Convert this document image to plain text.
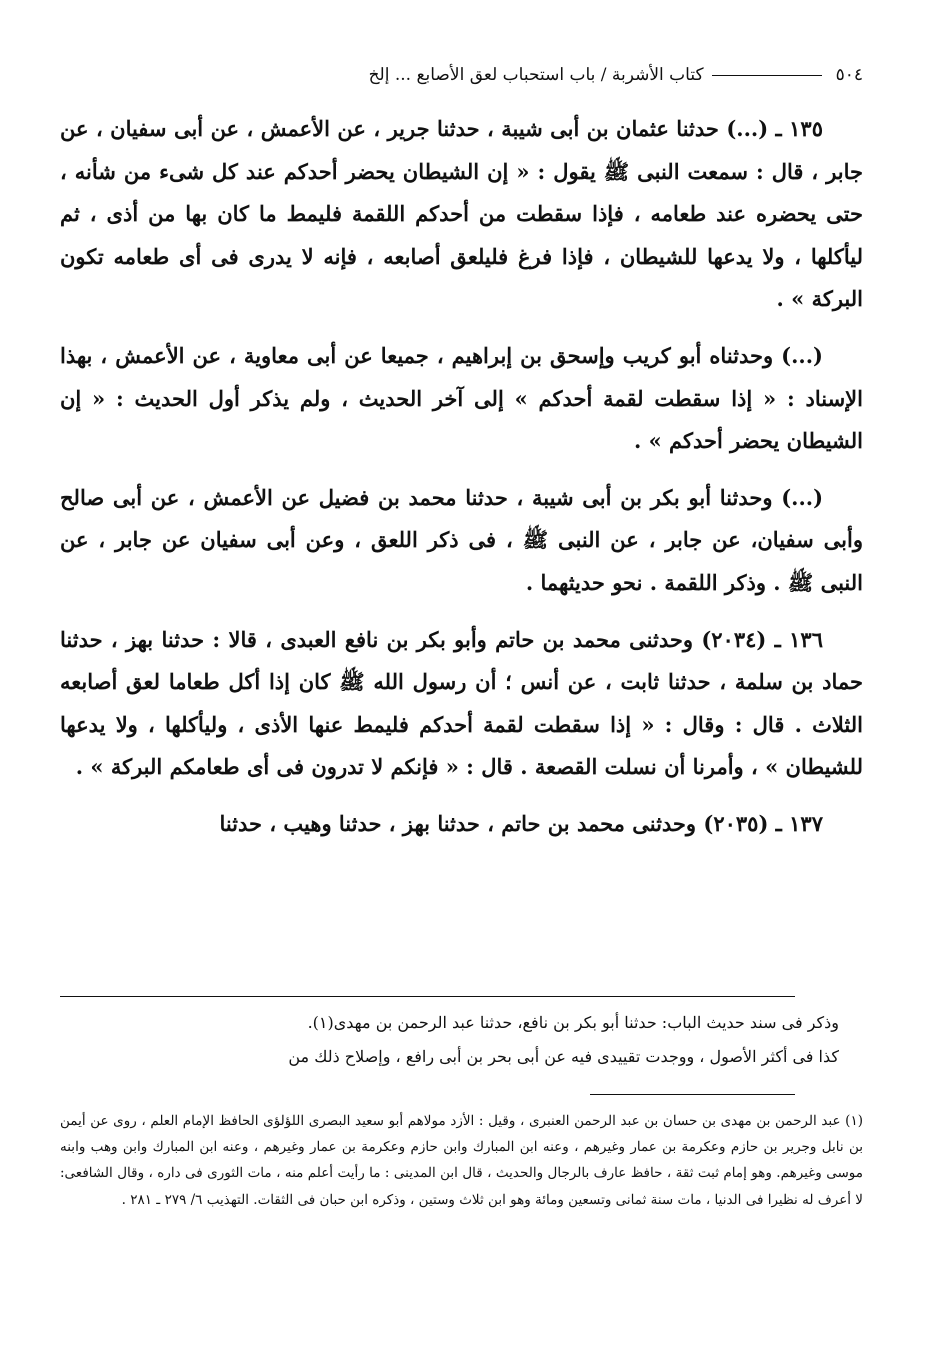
٥٠٤
كتاب الأشربة / باب استحباب لعق الأصابع ... إلخ

١٣٥ ـ (...) حدثنا عثمان بن أبى شيبة ، حدثنا جرير ، عن الأعمش ، عن أبى سفيان ، عن جابر ، قال : سمعت النبى ﷺ يقول : « إن الشيطان يحضر أحدكم عند كل شىء من شأنه ، حتى يحضره عند طعامه ، فإذا سقطت من أحدكم اللقمة فليمط ما كان بها من أذى ، ثم ليأكلها ، ولا يدعها للشيطان ، فإذا فرغ فليلعق أصابعه ، فإنه لا يدرى فى أى طعامه تكون البركة » .

(...) وحدثناه أبو كريب وإسحق بن إبراهيم ، جميعا عن أبى معاوية ، عن الأعمش ، بهذا الإسناد : « إذا سقطت لقمة أحدكم » إلى آخر الحديث ، ولم يذكر أول الحديث : « إن الشيطان يحضر أحدكم » .

(...) وحدثنا أبو بكر بن أبى شيبة ، حدثنا محمد بن فضيل عن الأعمش ، عن أبى صالح وأبى سفيان، عن جابر ، عن النبى ﷺ ، فى ذكر اللعق ، وعن أبى سفيان عن جابر ، عن النبى ﷺ . وذكر اللقمة . نحو حديثهما .

١٣٦ ـ (٢٠٣٤) وحدثنى محمد بن حاتم وأبو بكر بن نافع العبدى ، قالا : حدثنا بهز ، حدثنا حماد بن سلمة ، حدثنا ثابت ، عن أنس ؛ أن رسول الله ﷺ كان إذا أكل طعاما لعق أصابعه الثلاث . قال : وقال : « إذا سقطت لقمة أحدكم فليمط عنها الأذى ، وليأكلها ، ولا يدعها للشيطان » ، وأمرنا أن نسلت القصعة . قال : « فإنكم لا تدرون فى أى طعامكم البركة » .

١٣٧ ـ (٢٠٣٥) وحدثنى محمد بن حاتم ، حدثنا بهز ، حدثنا وهيب ، حدثنا

وذكر فى سند حديث الباب: حدثنا أبو بكر بن نافع، حدثنا عبد الرحمن بن مهدى(١).

كذا فى أكثر الأصول ، ووجدت تقييدى فيه عن أبى بحر بن أبى رافع ، وإصلاح ذلك من

(١) عبد الرحمن بن مهدى بن حسان بن عبد الرحمن العنبرى ، وقيل : الأزد مولاهم أبو سعيد البصرى اللؤلؤى الحافظ الإمام العلم ، روى عن أيمن بن نابل وجرير بن حازم وعكرمة بن عمار وغيرهم ، وعنه ابن المبارك وابن حازم وعكرمة بن عمار وغيرهم ، وعنه ابن المبارك وابن وهب وابنه موسى وغيرهم. وهو إمام ثبت ثقة ، حافظ عارف بالرجال والحديث ، قال ابن المدينى : ما رأيت أعلم منه ، مات الثورى فى داره ، وقال الشافعى: لا أعرف له نظيرا فى الدنيا ، مات سنة ثمانى وتسعين ومائة وهو ابن ثلاث وستين ، وذكره ابن حبان فى الثقات. التهذيب ٦/ ٢٧٩ ـ ٢٨١ .
